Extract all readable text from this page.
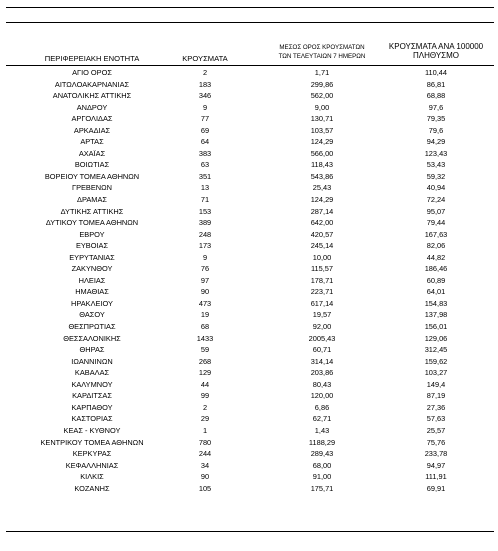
ΠΕΡΙΦΕΡΕΙΑΚΗ ΕΝΟΤΗΤΑ	ΚΡΟΥΣΜΑΤΑ
ΜΕΣΟΣ ΟΡΟΣ ΚΡΟΥΣΜΑΤΩΝ
ΤΩΝ ΤΕΛΕΥΤΑΙΩΝ 7 ΗΜΕΡΩΝ
ΚΡΟΥΣΜΑΤΑ ΑΝΑ 100000
ΠΛΗΘΥΣΜΟ
ΑΓΙΟ ΟΡΟΣ	2	1,71	110,44
ΑΙΤΩΛΟΑΚΑΡΝΑΝΙΑΣ	183	299,86	86,81
ΑΝΑΤΟΛΙΚΗΣ ΑΤΤΙΚΗΣ	346	562,00	68,88
ΑΝΔΡΟΥ	9	9,00	97,6
ΑΡΓΟΛΙΔΑΣ	77	130,71	79,35
ΑΡΚΑΔΙΑΣ	69	103,57	79,6
ΑΡΤΑΣ	64	124,29	94,29
ΑΧΑΪΑΣ	383	566,00	123,43
ΒΟΙΩΤΙΑΣ	63	118,43	53,43
ΒΟΡΕΙΟΥ ΤΟΜΕΑ ΑΘΗΝΩΝ	351	543,86	59,32
ΓΡΕΒΕΝΩΝ	13	25,43	40,94
ΔΡΑΜΑΣ	71	124,29	72,24
ΔΥΤΙΚΗΣ ΑΤΤΙΚΗΣ	153	287,14	95,07
ΔΥΤΙΚΟΥ ΤΟΜΕΑ ΑΘΗΝΩΝ	389	642,00	79,44
ΕΒΡΟΥ	248	420,57	167,63
ΕΥΒΟΙΑΣ	173	245,14	82,06
ΕΥΡΥΤΑΝΙΑΣ	9	10,00	44,82
ΖΑΚΥΝΘΟΥ	76	115,57	186,46
ΗΛΕΙΑΣ	97	178,71	60,89
ΗΜΑΘΙΑΣ	90	223,71	64,01
ΗΡΑΚΛΕΙΟΥ	473	617,14	154,83
ΘΑΣΟΥ	19	19,57	137,98
ΘΕΣΠΡΩΤΙΑΣ	68	92,00	156,01
ΘΕΣΣΑΛΟΝΙΚΗΣ	1433	2005,43	129,06
ΘΗΡΑΣ	59	60,71	312,45
ΙΩΑΝΝΙΝΩΝ	268	314,14	159,62
ΚΑΒΑΛΑΣ	129	203,86	103,27
ΚΑΛΥΜΝΟΥ	44	80,43	149,4
ΚΑΡΔΙΤΣΑΣ	99	120,00	87,19
ΚΑΡΠΑΘΟΥ	2	6,86	27,36
ΚΑΣΤΟΡΙΑΣ	29	62,71	57,63
ΚΕΑΣ - ΚΥΘΝΟΥ	1	1,43	25,57
ΚΕΝΤΡΙΚΟΥ ΤΟΜΕΑ ΑΘΗΝΩΝ	780	1188,29	75,76
ΚΕΡΚΥΡΑΣ	244	289,43	233,78
ΚΕΦΑΛΛΗΝΙΑΣ	34	68,00	94,97
ΚΙΛΚΙΣ	90	91,00	111,91
ΚΟΖΑΝΗΣ	105	175,71	69,91
